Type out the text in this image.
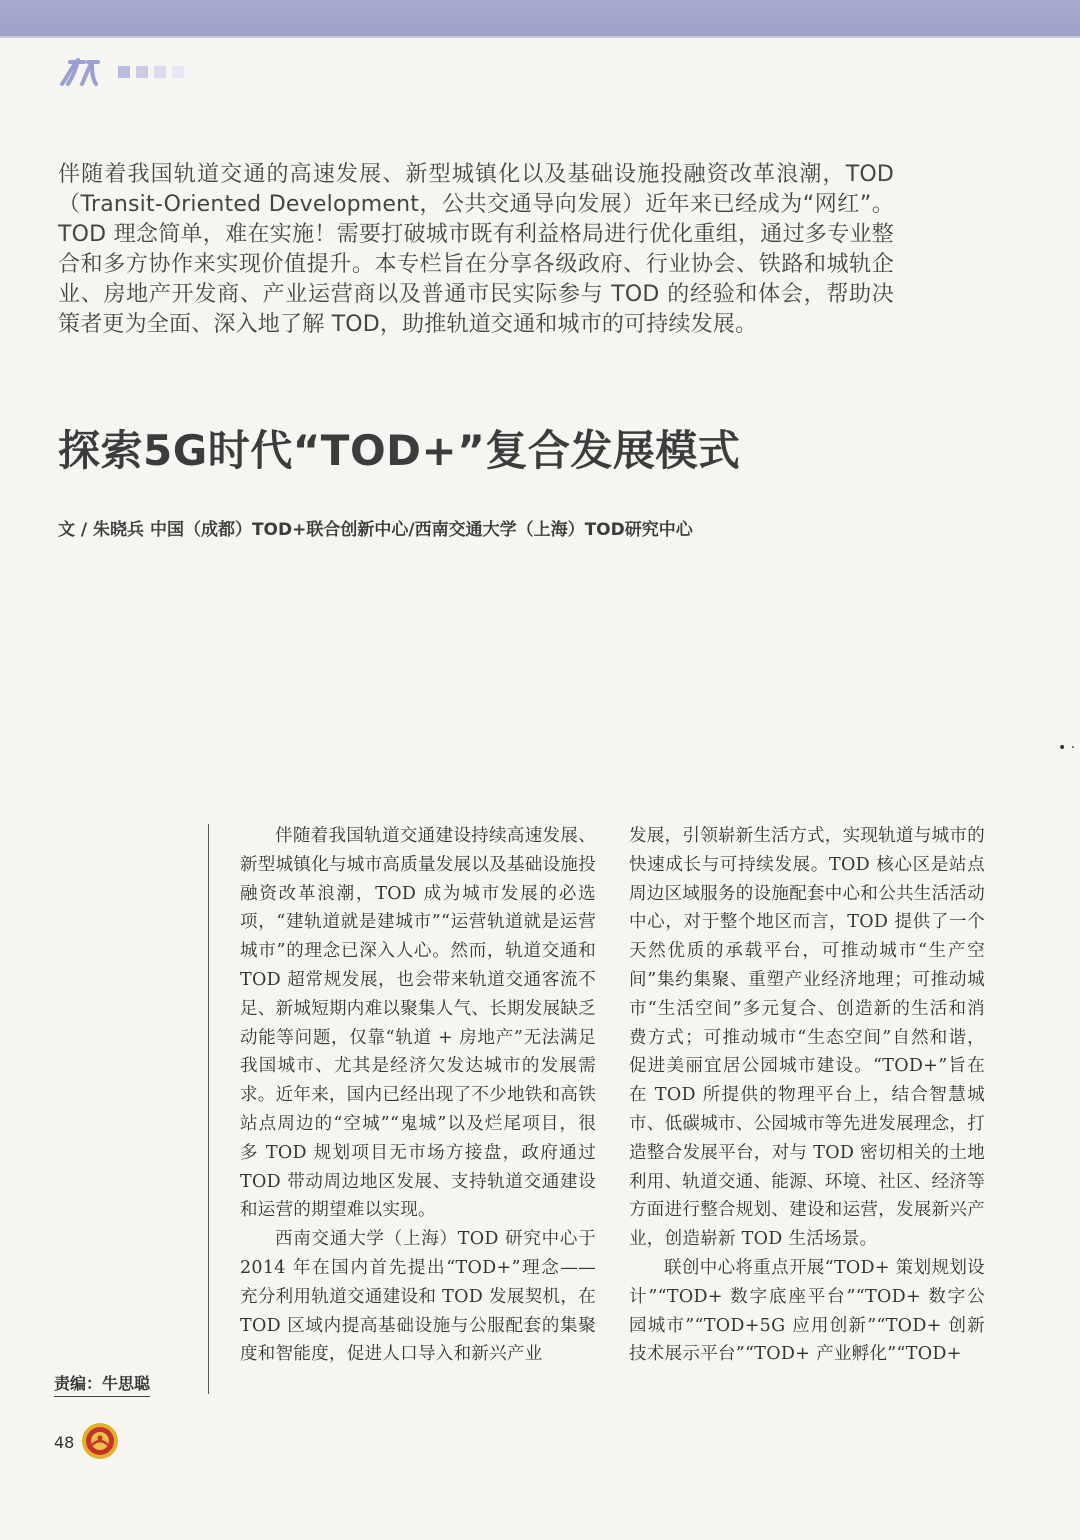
伴随着我国轨道交通的高速发展、新型城镇化以及基础设施投融资改革浪潮，TOD（Transit-Oriented Development，公共交通导向发展）近年来已经成为“网红”。TOD 理念简单，难在实施！需要打破城市既有利益格局进行优化重组，通过多专业整合和多方协作来实现价值提升。本专栏旨在分享各级政府、行业协会、铁路和城轨企业、房地产开发商、产业运营商以及普通市民实际参与 TOD 的经验和体会，帮助决策者更为全面、深入地了解 TOD，助推轨道交通和城市的可持续发展。
探索5G时代“TOD+”复合发展模式
文 / 朱晓兵 中国（成都）TOD+联合创新中心/西南交通大学（上海）TOD研究中心
• ·

伴随着我国轨道交通建设持续高速发展、新型城镇化与城市高质量发展以及基础设施投融资改革浪潮，TOD 成为城市发展的必选项，“建轨道就是建城市”“运营轨道就是运营城市”的理念已深入人心。然而，轨道交通和 TOD 超常规发展，也会带来轨道交通客流不足、新城短期内难以聚集人气、长期发展缺乏动能等问题，仅靠“轨道 + 房地产”无法满足我国城市、尤其是经济欠发达城市的发展需求。近年来，国内已经出现了不少地铁和高铁站点周边的“空城”“鬼城”以及烂尾项目，很多 TOD 规划项目无市场方接盘，政府通过 TOD 带动周边地区发展、支持轨道交通建设和运营的期望难以实现。

西南交通大学（上海）TOD 研究中心于 2014 年在国内首先提出“TOD+”理念——充分利用轨道交通建设和 TOD 发展契机，在 TOD 区域内提高基础设施与公服配套的集聚度和智能度，促进人口导入和新兴产业

发展，引领崭新生活方式，实现轨道与城市的快速成长与可持续发展。TOD 核心区是站点周边区域服务的设施配套中心和公共生活活动中心，对于整个地区而言，TOD 提供了一个天然优质的承载平台，可推动城市“生产空间”集约集聚、重塑产业经济地理；可推动城市“生活空间”多元复合、创造新的生活和消费方式；可推动城市“生态空间”自然和谐，促进美丽宜居公园城市建设。“TOD+”旨在在 TOD 所提供的物理平台上，结合智慧城市、低碳城市、公园城市等先进发展理念，打造整合发展平台，对与 TOD 密切相关的土地利用、轨道交通、能源、环境、社区、经济等方面进行整合规划、建设和运营，发展新兴产业，创造崭新 TOD 生活场景。

联创中心将重点开展“TOD+ 策划规划设计”“TOD+ 数字底座平台”“TOD+ 数字公园城市”“TOD+5G 应用创新”“TOD+ 创新技术展示平台”“TOD+ 产业孵化”“TOD+

责编：牛思聪
48
